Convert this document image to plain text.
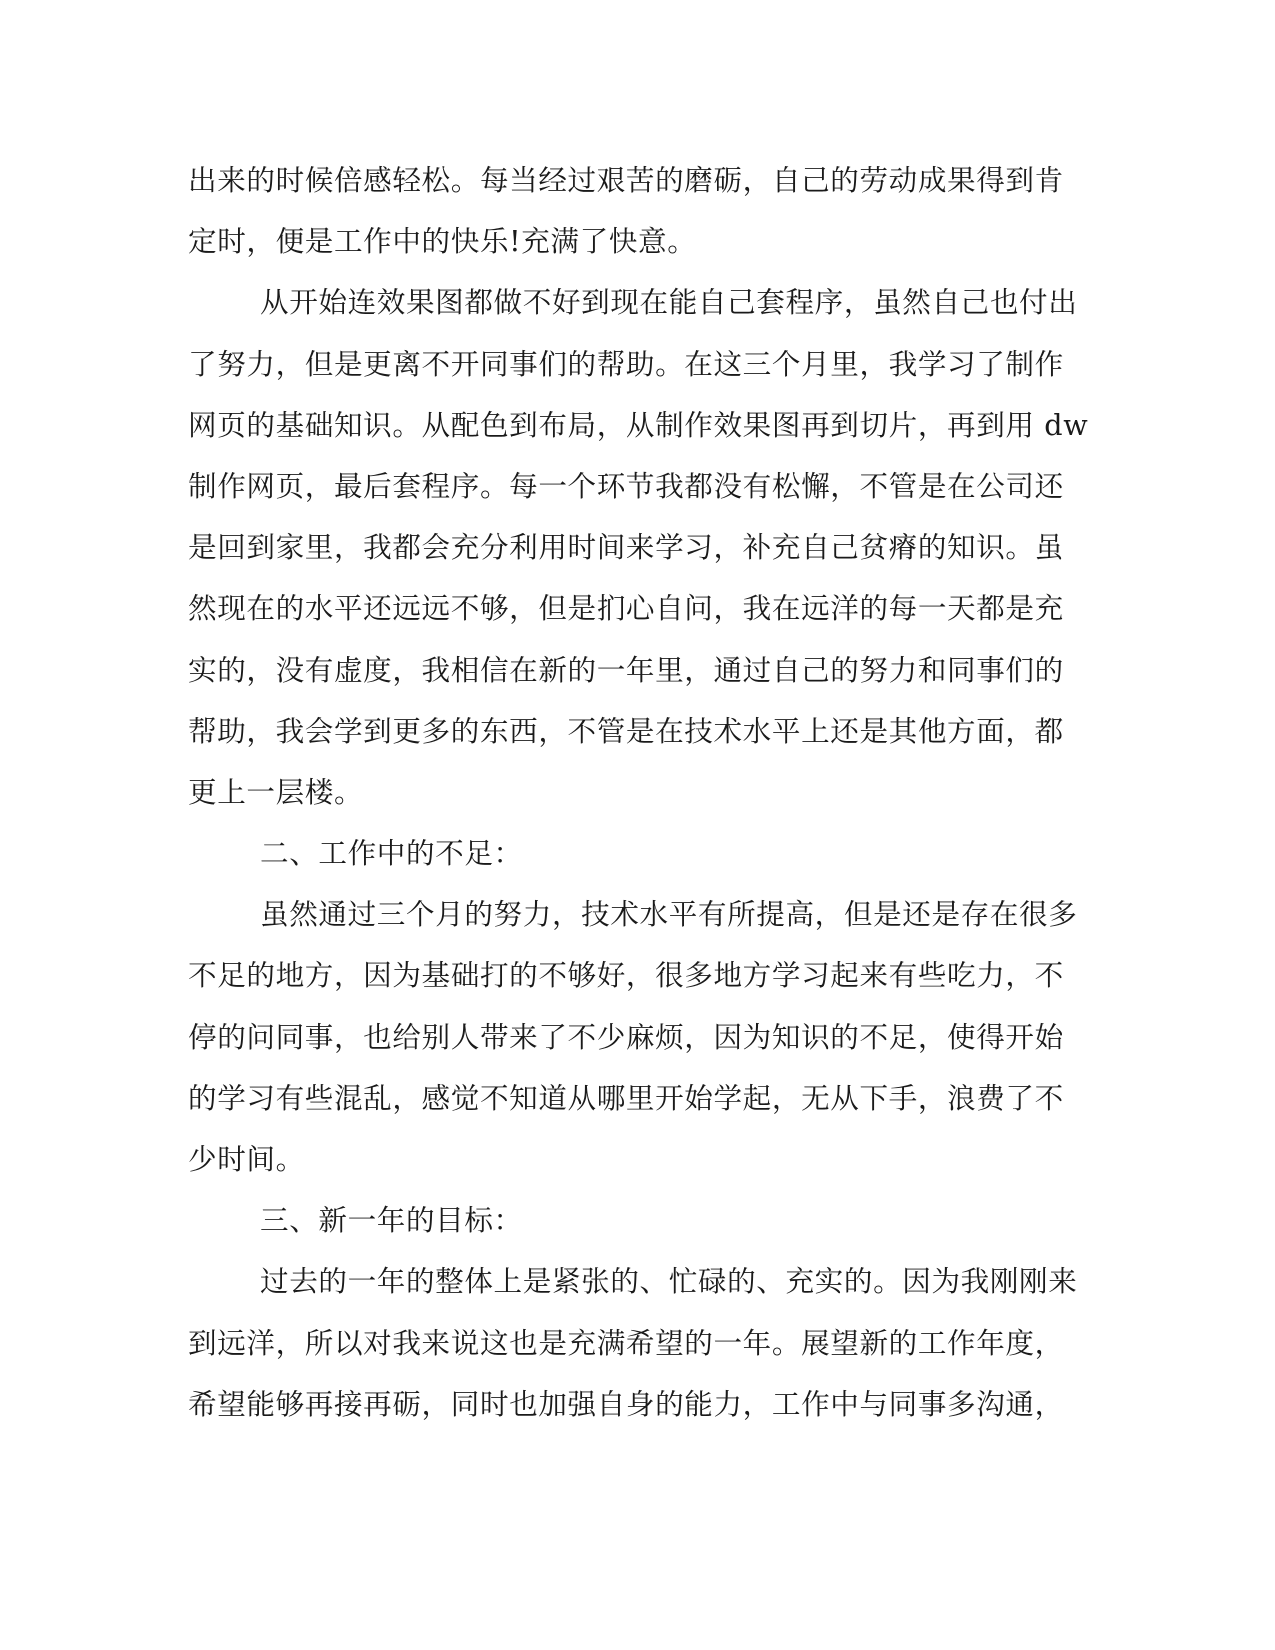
出来的时候倍感轻松。每当经过艰苦的磨砺，自己的劳动成果得到肯
定时，便是工作中的快乐!充满了快意。
从开始连效果图都做不好到现在能自己套程序，虽然自己也付出
了努力，但是更离不开同事们的帮助。在这三个月里，我学习了制作
网页的基础知识。从配色到布局，从制作效果图再到切片，再到用 dw
制作网页，最后套程序。每一个环节我都没有松懈，不管是在公司还
是回到家里，我都会充分利用时间来学习，补充自己贫瘠的知识。虽
然现在的水平还远远不够，但是扪心自问，我在远洋的每一天都是充
实的，没有虚度，我相信在新的一年里，通过自己的努力和同事们的
帮助，我会学到更多的东西，不管是在技术水平上还是其他方面，都
更上一层楼。
二、工作中的不足：
虽然通过三个月的努力，技术水平有所提高，但是还是存在很多
不足的地方，因为基础打的不够好，很多地方学习起来有些吃力，不
停的问同事，也给别人带来了不少麻烦，因为知识的不足，使得开始
的学习有些混乱，感觉不知道从哪里开始学起，无从下手，浪费了不
少时间。
三、新一年的目标：
过去的一年的整体上是紧张的、忙碌的、充实的。因为我刚刚来
到远洋，所以对我来说这也是充满希望的一年。展望新的工作年度，
希望能够再接再砺，同时也加强自身的能力，工作中与同事多沟通，
